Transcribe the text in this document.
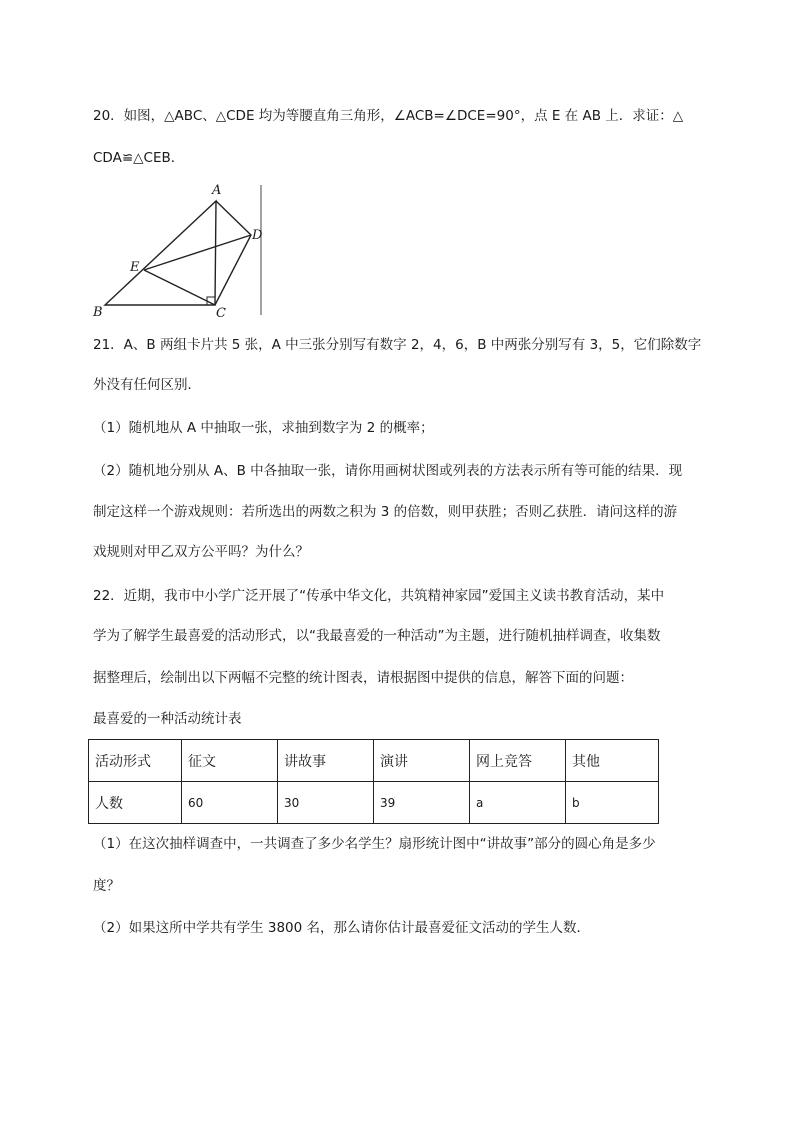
20．如图，△ABC、△CDE 均为等腰直角三角形，∠ACB=∠DCE=90°，点 E 在 AB 上．求证：△
CDA≌△CEB．
A
B	C
D
E
21．A、B 两组卡片共 5 张，A 中三张分别写有数字 2，4，6，B 中两张分别写有 3，5，它们除数字
外没有任何区别．
（1）随机地从 A 中抽取一张，求抽到数字为 2 的概率；
（2）随机地分别从 A、B 中各抽取一张，请你用画树状图或列表的方法表示所有等可能的结果．现
制定这样一个游戏规则：若所选出的两数之积为 3 的倍数，则甲获胜；否则乙获胜．请问这样的游
戏规则对甲乙双方公平吗？为什么？
22．近期，我市中小学广泛开展了“传承中华文化，共筑精神家园”爱国主义读书教育活动，某中
学为了解学生最喜爱的活动形式，以“我最喜爱的一种活动”为主题，进行随机抽样调查，收集数
据整理后，绘制出以下两幅不完整的统计图表，请根据图中提供的信息，解答下面的问题：
最喜爱的一种活动统计表
活动形式	征文	讲故事	演讲	网上竞答	其他
人数	60	30	39	a	b
（1）在这次抽样调查中，一共调查了多少名学生？扇形统计图中“讲故事”部分的圆心角是多少
度？
（2）如果这所中学共有学生 3800 名，那么请你估计最喜爱征文活动的学生人数．
